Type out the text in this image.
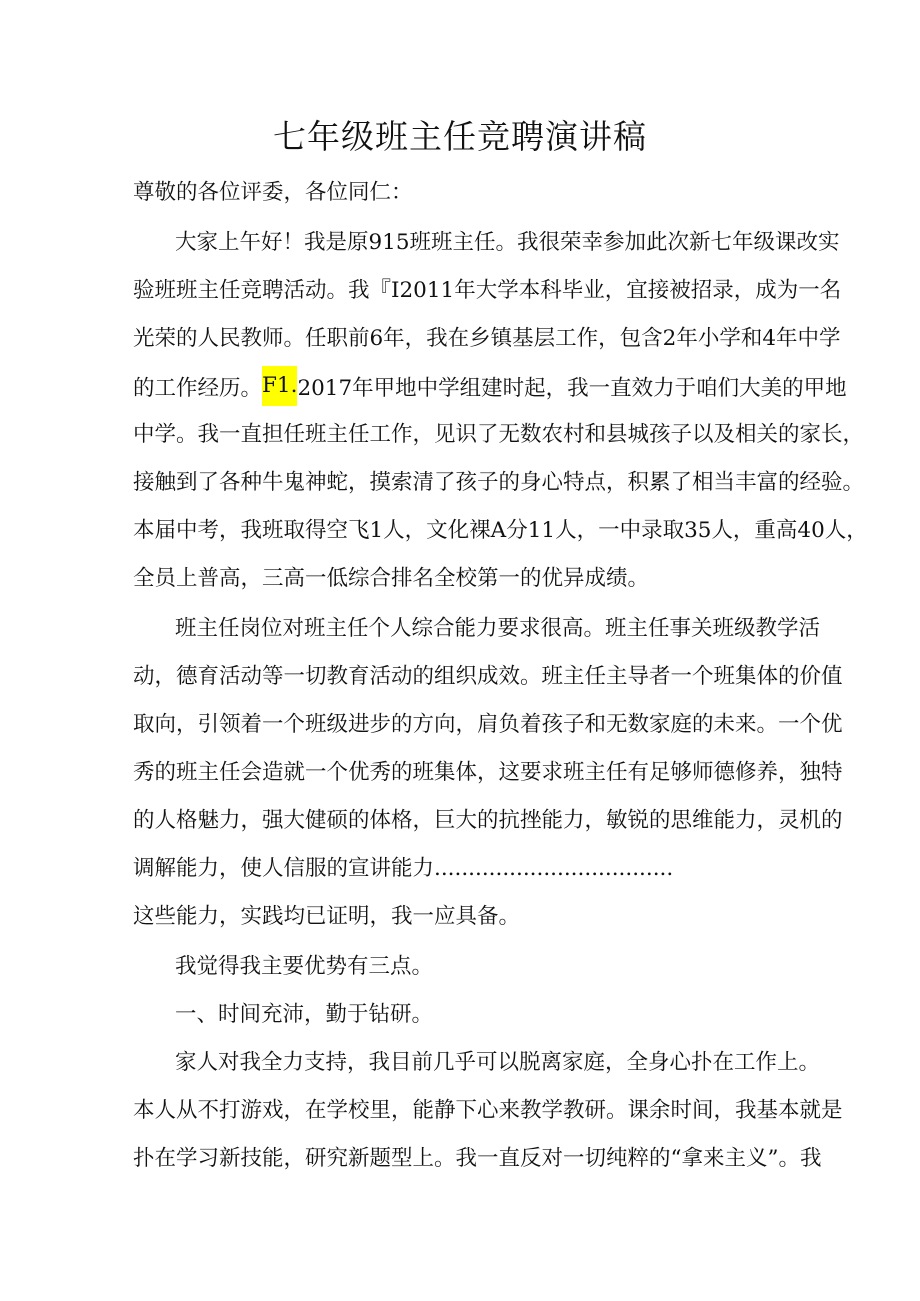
七年级班主任竞聘演讲稿

尊敬的各位评委，各位同仁：

大家上午好！我是原915班班主任。我很荣幸参加此次新七年级课改实

验班班主任竞聘活动。我『I2011年大学本科毕业，宜接被招录，成为一名

光荣的人民教师。任职前6年，我在乡镇基层工作，包含2年小学和4年中学

的工作经历。F1.2017年甲地中学组建时起，我一直效力于咱们大美的甲地

中学。我一直担任班主任工作，见识了无数农村和县城孩子以及相关的家长，

接触到了各种牛鬼神蛇，摸索清了孩子的身心特点，积累了相当丰富的经验。

本届中考，我班取得空飞1人，文化裸A分11人，一中录取35人，重高40人，

全员上普高，三高一低综合排名全校第一的优异成绩。

班主任岗位对班主任个人综合能力要求很高。班主任事关班级教学活

动，德育活动等一切教育活动的组织成效。班主任主导者一个班集体的价值

取向，引领着一个班级进步的方向，肩负着孩子和无数家庭的未来。一个优

秀的班主任会造就一个优秀的班集体，这要求班主任有足够师德修养，独特

的人格魅力，强大健硕的体格，巨大的抗挫能力，敏锐的思维能力，灵机的

调解能力，使人信服的宣讲能力...................................

这些能力，实践均已证明，我一应具备。

我觉得我主要优势有三点。

一、时间充沛，勤于钻研。

家人对我全力支持，我目前几乎可以脱离家庭，全身心扑在工作上。

本人从不打游戏，在学校里，能静下心来教学教研。课余时间，我基本就是

扑在学习新技能，研究新题型上。我一直反对一切纯粹的“拿来主义”。我
